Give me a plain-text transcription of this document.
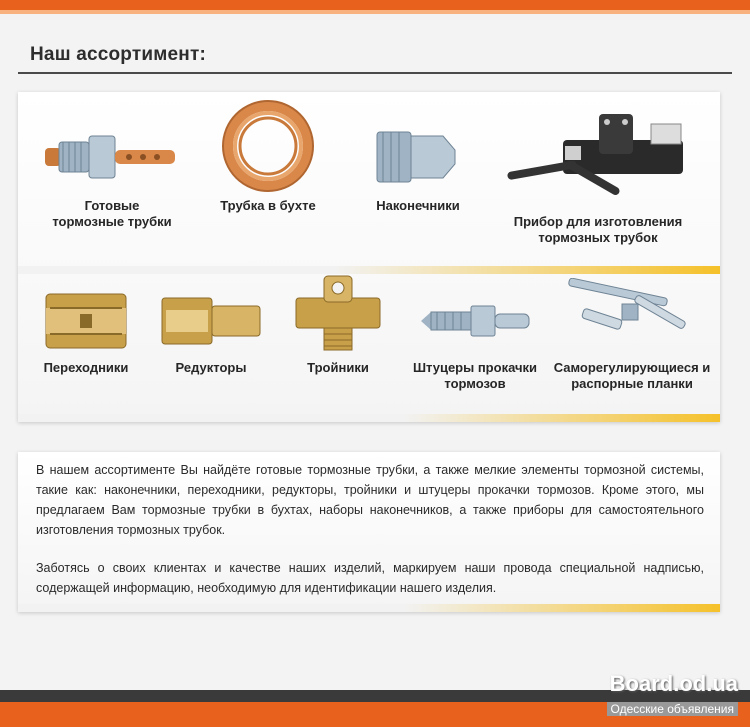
Наш ассортимент:
Готовые
тормозные трубки
Трубка в бухте	Наконечники
Прибор для изготовления
тормозных трубок
Переходники	Редукторы	Тройники	Штуцеры прокачки
тормозов
Саморегулирующиеся и
распорные планки

В нашем ассортименте Вы найдёте готовые тормозные трубки, а также мелкие элементы тормозной системы, такие как: наконечники, переходники, редукторы, тройники и штуцеры прокачки тормозов. Кроме этого, мы предлагаем Вам тормозные трубки в бухтах, наборы наконечников, а также приборы для самостоятельного изготовления тормозных трубок.

Заботясь о своих клиентах и качестве наших изделий, маркируем наши провода специальной надписью, содержащей информацию, необходимую для идентификации нашего изделия.

Board.od.ua
Одесские объявления
